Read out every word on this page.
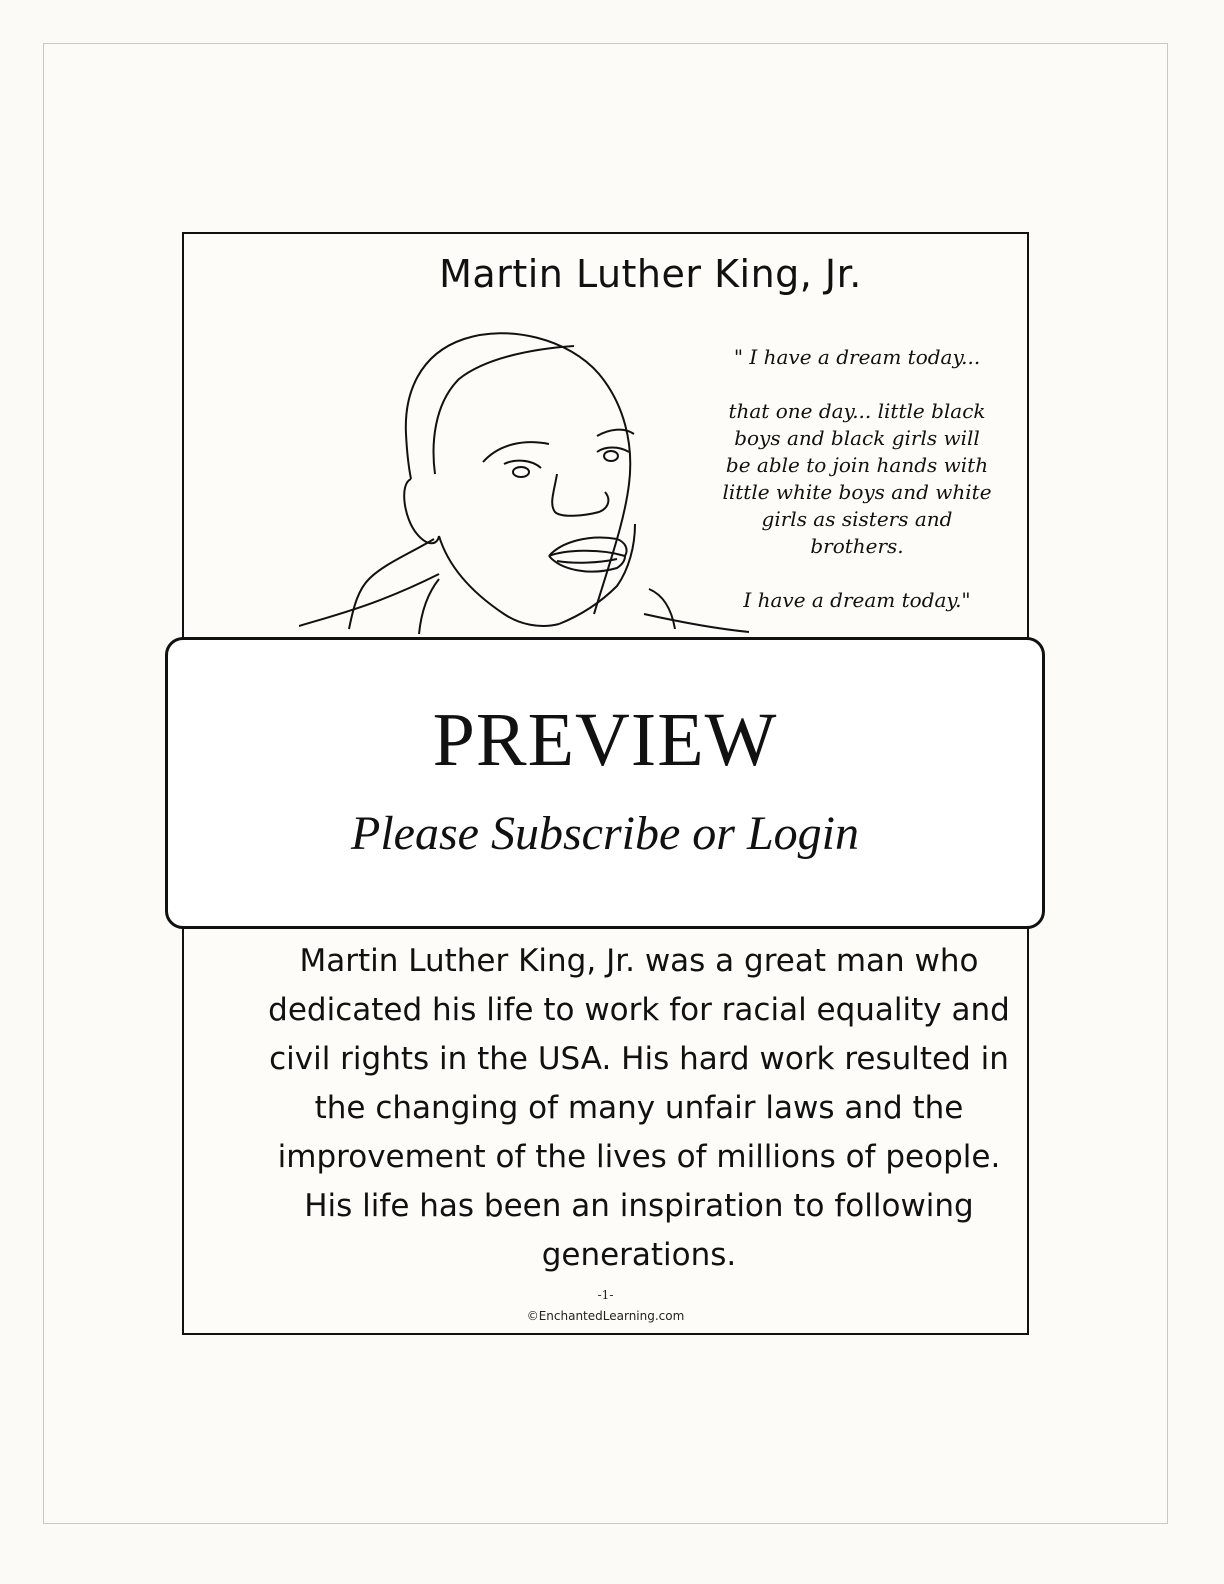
Martin Luther King, Jr.

" I have a dream today...

that one day... little black boys and black girls will be able to join hands with little white boys and white girls as sisters and brothers.

I have a dream today."

Martin Luther King, Jr. was a great man who dedicated his life to work for racial equality and civil rights in the USA. His hard work resulted in the changing of many unfair laws and the improvement of the lives of millions of people. His life has been an inspiration to following generations.
-1-
©EnchantedLearning.com
PREVIEW
Please Subscribe or Login
